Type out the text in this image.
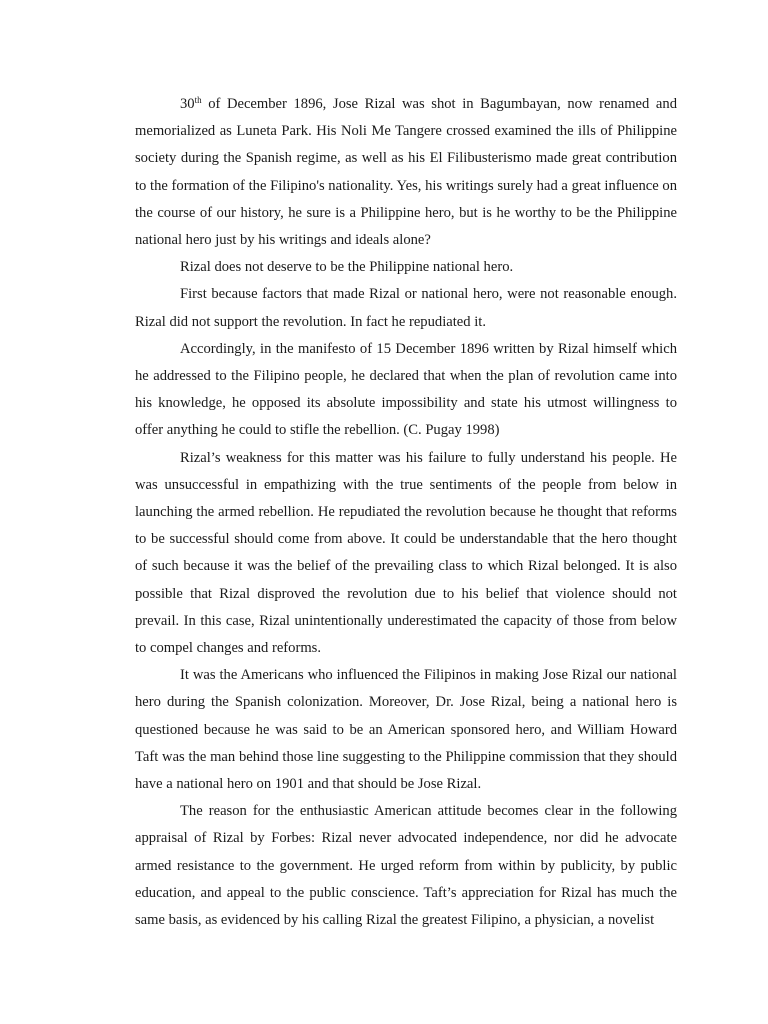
30th of December 1896, Jose Rizal was shot in Bagumbayan, now renamed and memorialized as Luneta Park. His Noli Me Tangere crossed examined the ills of Philippine society during the Spanish regime, as well as his El Filibusterismo made great contribution to the formation of the Filipino's nationality. Yes, his writings surely had a great influence on the course of our history, he sure is a Philippine hero, but is he worthy to be the Philippine national hero just by his writings and ideals alone?

Rizal does not deserve to be the Philippine national hero.

First because factors that made Rizal or national hero, were not reasonable enough. Rizal did not support the revolution. In fact he repudiated it.

Accordingly, in the manifesto of 15 December 1896 written by Rizal himself which he addressed to the Filipino people, he declared that when the plan of revolution came into his knowledge, he opposed its absolute impossibility and state his utmost willingness to offer anything he could to stifle the rebellion. (C. Pugay 1998)

Rizal’s weakness for this matter was his failure to fully understand his people. He was unsuccessful in empathizing with the true sentiments of the people from below in launching the armed rebellion. He repudiated the revolution because he thought that reforms to be successful should come from above. It could be understandable that the hero thought of such because it was the belief of the prevailing class to which Rizal belonged. It is also possible that Rizal disproved the revolution due to his belief that violence should not prevail. In this case, Rizal unintentionally underestimated the capacity of those from below to compel changes and reforms.

It was the Americans who influenced the Filipinos in making Jose Rizal our national hero during the Spanish colonization. Moreover, Dr. Jose Rizal, being a national hero is questioned because he was said to be an American sponsored hero, and William Howard Taft was the man behind those line suggesting to the Philippine commission that they should have a national hero on 1901 and that should be Jose Rizal.

The reason for the enthusiastic American attitude becomes clear in the following appraisal of Rizal by Forbes: Rizal never advocated independence, nor did he advocate armed resistance to the government. He urged reform from within by publicity, by public education, and appeal to the public conscience. Taft’s appreciation for Rizal has much the same basis, as evidenced by his calling Rizal the greatest Filipino, a physician, a novelist
